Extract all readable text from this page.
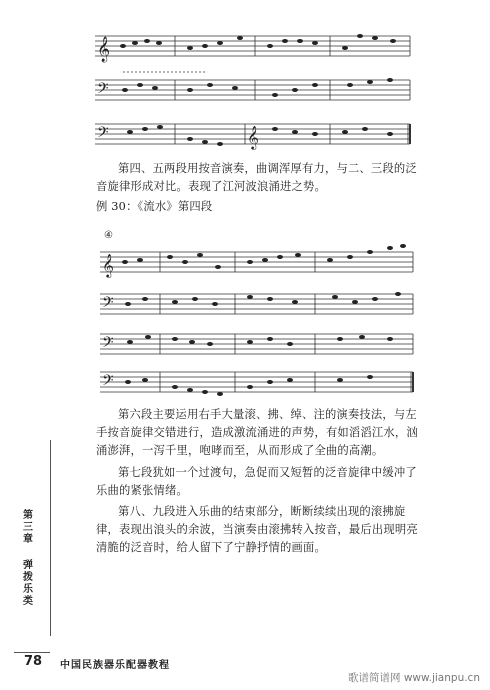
𝄞
𝄢
𝄢	𝄞
第四、五两段用按音演奏，曲调浑厚有力，与二、三段的泛音旋律形成对比。表现了江河波浪涌进之势。
例 30：《流水》第四段
④
𝄞
𝄢
𝄢
𝄢
第六段主要运用右手大量滚、拂、绰、注的演奏技法，与左手按音旋律交错进行，造成激流涌进的声势，有如滔滔江水，汹涌澎湃，一泻千里，咆哮而至，从而形成了全曲的高潮。
第七段犹如一个过渡句，急促而又短暂的泛音旋律中缓冲了乐曲的紧张情绪。
第八、九段进入乐曲的结束部分，断断续续出现的滚拂旋律，表现出浪头的余波，当演奏由滚拂转入按音，最后出现明亮清脆的泛音时，给人留下了宁静抒情的画面。
第三章
弹拨乐类
78 中国民族器乐配器教程
歌谱简谱网 www.jianpu.cn
